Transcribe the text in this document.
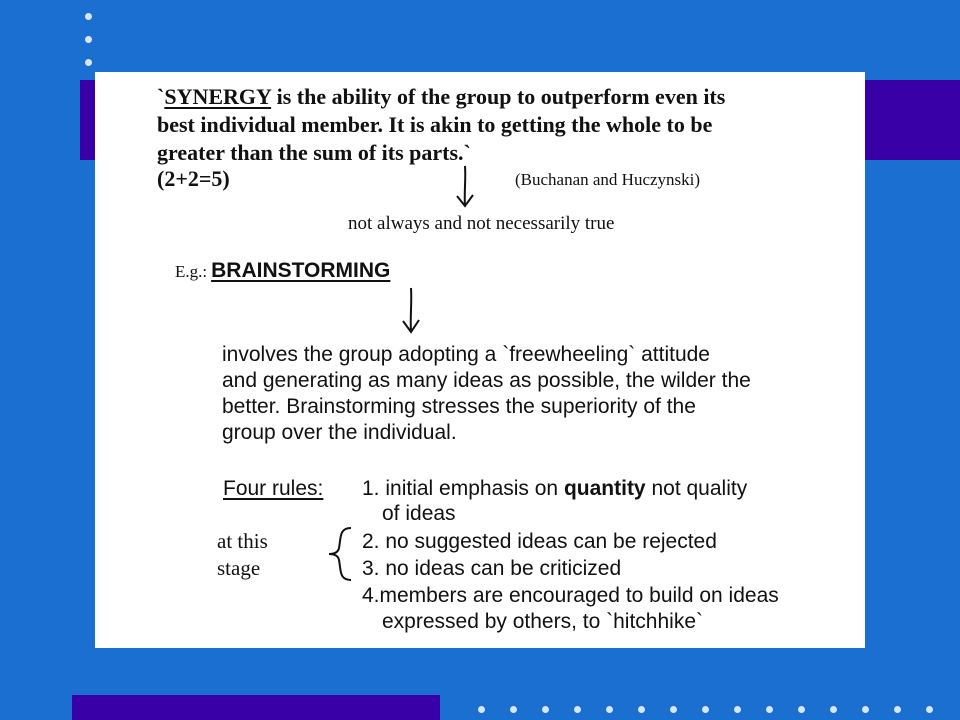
`SYNERGY is the ability of the group to outperform even its
best individual member. It is akin to getting the whole to be
greater than the sum of its parts.`
(2+2=5)	(Buchanan and Huczynski)
not always and not necessarily true
E.g.: BRAINSTORMING
involves the group adopting a `freewheeling` attitude
and generating as many ideas as possible, the wilder the
better. Brainstorming stresses the superiority of the
group over the individual.
Four rules: 1. initial emphasis on quantity not quality
of ideas
at this
stage
2. no suggested ideas can be rejected
3. no ideas can be criticized
4.members are encouraged to build on ideas
expressed by others, to `hitchhike`
